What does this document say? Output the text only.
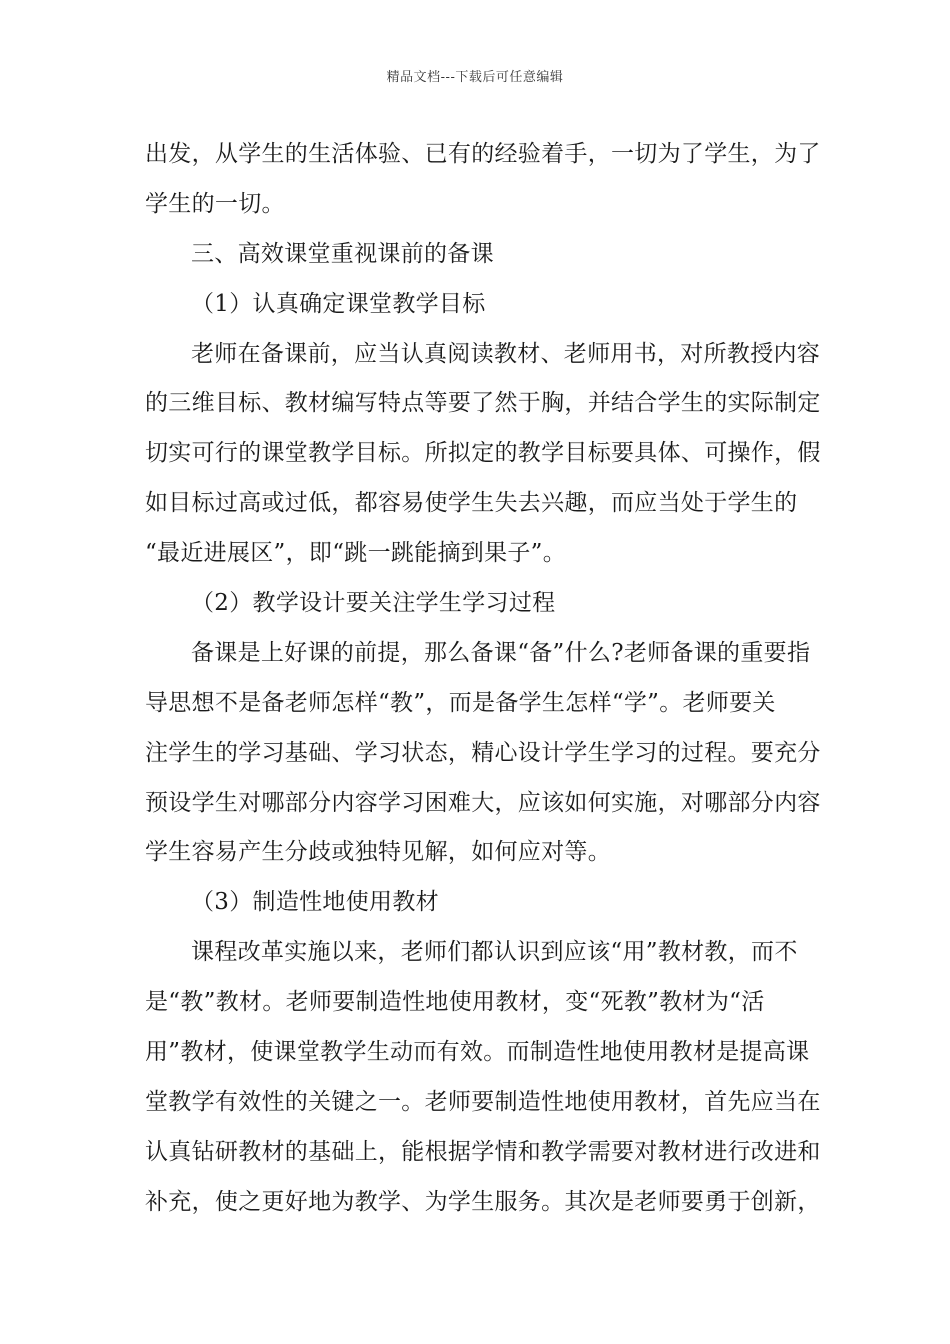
精品文档---下载后可任意编辑
出发，从学生的生活体验、已有的经验着手，一切为了学生，为了
学生的一切。
三、高效课堂重视课前的备课
（1）认真确定课堂教学目标
老师在备课前，应当认真阅读教材、老师用书，对所教授内容
的三维目标、教材编写特点等要了然于胸，并结合学生的实际制定
切实可行的课堂教学目标。所拟定的教学目标要具体、可操作，假
如目标过高或过低，都容易使学生失去兴趣，而应当处于学生的
“最近进展区”，即“跳一跳能摘到果子”。
（2）教学设计要关注学生学习过程
备课是上好课的前提，那么备课“备”什么?老师备课的重要指
导思想不是备老师怎样“教”，而是备学生怎样“学”。老师要关
注学生的学习基础、学习状态，精心设计学生学习的过程。要充分
预设学生对哪部分内容学习困难大，应该如何实施，对哪部分内容
学生容易产生分歧或独特见解，如何应对等。
（3）制造性地使用教材
课程改革实施以来，老师们都认识到应该“用”教材教，而不
是“教”教材。老师要制造性地使用教材，变“死教”教材为“活
用”教材，使课堂教学生动而有效。而制造性地使用教材是提高课
堂教学有效性的关键之一。老师要制造性地使用教材，首先应当在
认真钻研教材的基础上，能根据学情和教学需要对教材进行改进和
补充，使之更好地为教学、为学生服务。其次是老师要勇于创新，
